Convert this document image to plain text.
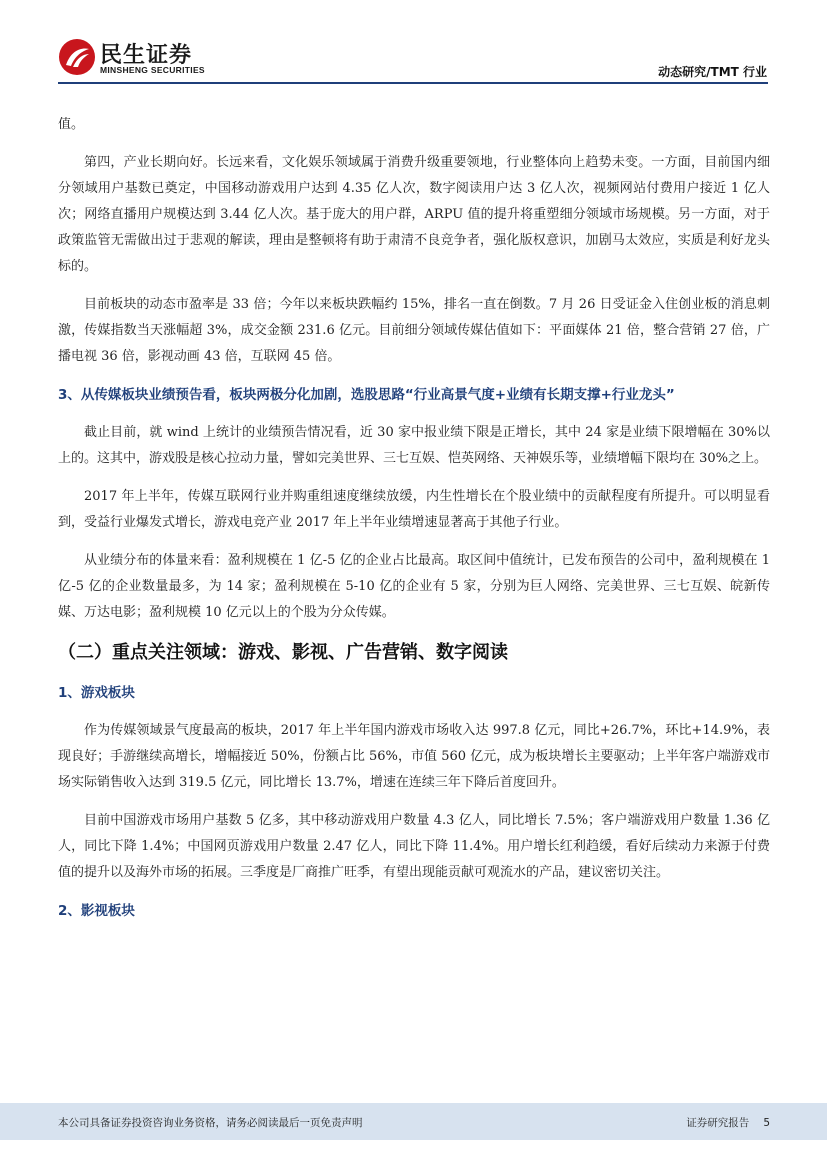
民生证券
MINSHENG SECURITIES	动态研究/TMT 行业

值。

第四，产业长期向好。长远来看，文化娱乐领域属于消费升级重要领地，行业整体向上趋势未变。一方面，目前国内细分领域用户基数已奠定，中国移动游戏用户达到 4.35 亿人次，数字阅读用户达 3 亿人次，视频网站付费用户接近 1 亿人次；网络直播用户规模达到 3.44 亿人次。基于庞大的用户群，ARPU 值的提升将重塑细分领域市场规模。另一方面，对于政策监管无需做出过于悲观的解读，理由是整顿将有助于肃清不良竞争者，强化版权意识，加剧马太效应，实质是利好龙头标的。

目前板块的动态市盈率是 33 倍；今年以来板块跌幅约 15%，排名一直在倒数。7 月 26 日受证金入住创业板的消息刺激，传媒指数当天涨幅超 3%，成交金额 231.6 亿元。目前细分领域传媒估值如下：平面媒体 21 倍，整合营销 27 倍，广播电视 36 倍，影视动画 43 倍，互联网 45 倍。

3、从传媒板块业绩预告看，板块两极分化加剧，选股思路“行业高景气度+业绩有长期支撑+行业龙头”

截止目前，就 wind 上统计的业绩预告情况看，近 30 家中报业绩下限是正增长，其中 24 家是业绩下限增幅在 30%以上的。这其中，游戏股是核心拉动力量，譬如完美世界、三七互娱、恺英网络、天神娱乐等，业绩增幅下限均在 30%之上。

2017 年上半年，传媒互联网行业并购重组速度继续放缓，内生性增长在个股业绩中的贡献程度有所提升。可以明显看到，受益行业爆发式增长，游戏电竞产业 2017 年上半年业绩增速显著高于其他子行业。

从业绩分布的体量来看：盈利规模在 1 亿-5 亿的企业占比最高。取区间中值统计，已发布预告的公司中，盈利规模在 1 亿-5 亿的企业数量最多，为 14 家；盈利规模在 5-10 亿的企业有 5 家，分别为巨人网络、完美世界、三七互娱、皖新传媒、万达电影；盈利规模 10 亿元以上的个股为分众传媒。

（二）重点关注领域：游戏、影视、广告营销、数字阅读

1、游戏板块

作为传媒领域景气度最高的板块，2017 年上半年国内游戏市场收入达 997.8 亿元，同比+26.7%，环比+14.9%，表现良好；手游继续高增长，增幅接近 50%，份额占比 56%，市值 560 亿元，成为板块增长主要驱动；上半年客户端游戏市场实际销售收入达到 319.5 亿元，同比增长 13.7%，增速在连续三年下降后首度回升。

目前中国游戏市场用户基数 5 亿多，其中移动游戏用户数量 4.3 亿人，同比增长 7.5%；客户端游戏用户数量 1.36 亿人，同比下降 1.4%；中国网页游戏用户数量 2.47 亿人，同比下降 11.4%。用户增长红利趋缓，看好后续动力来源于付费值的提升以及海外市场的拓展。三季度是厂商推广旺季，有望出现能贡献可观流水的产品，建议密切关注。

2、影视板块

本公司具备证券投资咨询业务资格，请务必阅读最后一页免责声明	证券研究报告 5
